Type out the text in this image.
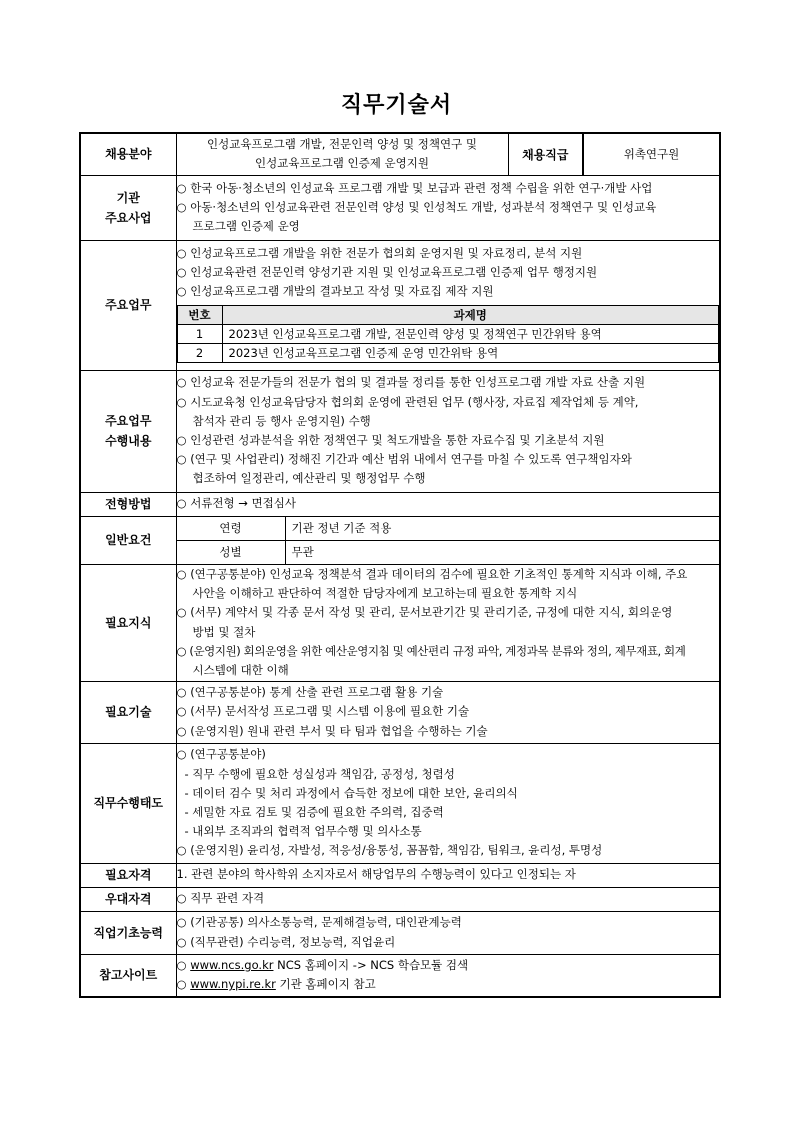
직무기술서
채용분야	
인성교육프로그램 개발, 전문인력 양성 및 정책연구 및
인성교육프로그램 인증제 운영지원
	채용직급	위촉연구원

기관
주요사업

○ 한국 아동·청소년의 인성교육 프로그램 개발 및 보급과 관련 정책 수립을 위한 연구·개발 사업
○ 아동·청소년의 인성교육관련 전문인력 양성 및 인성척도 개발, 성과분석 정책연구 및 인성교육
프로그램 인증제 운영

주요업무	
○ 인성교육프로그램 개발을 위한 전문가 협의회 운영지원 및 자료정리, 분석 지원
○ 인성교육관련 전문인력 양성기관 지원 및 인성교육프로그램 인증제 업무 행정지원
○ 인성교육프로그램 개발의 결과보고 작성 및 자료집 제작 지원
번호	과제명
1	2023년 인성교육프로그램 개발, 전문인력 양성 및 정책연구 민간위탁 용역
2	2023년 인성교육프로그램 인증제 운영 민간위탁 용역

주요업무
수행내용

○ 인성교육 전문가들의 전문가 협의 및 결과물 정리를 통한 인성프로그램 개발 자료 산출 지원
○ 시도교육청 인성교육담당자 협의회 운영에 관련된 업무 (행사장, 자료집 제작업체 등 계약,
참석자 관리 등 행사 운영지원) 수행
○ 인성관련 성과분석을 위한 정책연구 및 척도개발을 통한 자료수집 및 기초분석 지원
○ (연구 및 사업관리) 정해진 기간과 예산 범위 내에서 연구를 마칠 수 있도록 연구책임자와
협조하여 일정관리, 예산관리 및 행정업무 수행

전형방법	○ 서류전형 → 면접심사
일반요건	
연령	기관 정년 기준 적용
성별	무관

필요지식	
○ (연구공통분야) 인성교육 정책분석 결과 데이터의 검수에 필요한 기초적인 통계학 지식과 이해, 주요
사안을 이해하고 판단하여 적절한 담당자에게 보고하는데 필요한 통계학 지식
○ (서무) 계약서 및 각종 문서 작성 및 관리, 문서보관기간 및 관리기준, 규정에 대한 지식, 회의운영
방법 및 절차
○ (운영지원) 회의운영을 위한 예산운영지침 및 예산편리 규정 파악, 계정과목 분류와 정의, 제무재표, 회계
시스템에 대한 이해

필요기술	
○ (연구공통분야) 통계 산출 관련 프로그램 활용 기술
○ (서무) 문서작성 프로그램 및 시스템 이용에 필요한 기술
○ (운영지원) 원내 관련 부서 및 타 팀과 협업을 수행하는 기술

직무수행태도	
○ (연구공통분야)
- 직무 수행에 필요한 성실성과 책임감, 공정성, 청렴성
- 데이터 검수 및 처리 과정에서 습득한 정보에 대한 보안, 윤리의식
- 세밀한 자료 검토 및 검증에 필요한 주의력, 집중력
- 내외부 조직과의 협력적 업무수행 및 의사소통
○ (운영지원) 윤리성, 자발성, 적응성/융통성, 꼼꼼함, 책임감, 팀워크, 윤리성, 투명성

필요자격	1. 관련 분야의 학사학위 소지자로서 해당업무의 수행능력이 있다고 인정되는 자
우대자격	○ 직무 관련 자격
직업기초능력	
○ (기관공통) 의사소통능력, 문제해결능력, 대인관계능력
○ (직무관련) 수리능력, 정보능력, 직업윤리

참고사이트	
○ www.ncs.go.kr NCS 홈페이지 -> NCS 학습모듈 검색
○ www.nypi.re.kr 기관 홈페이지 참고
